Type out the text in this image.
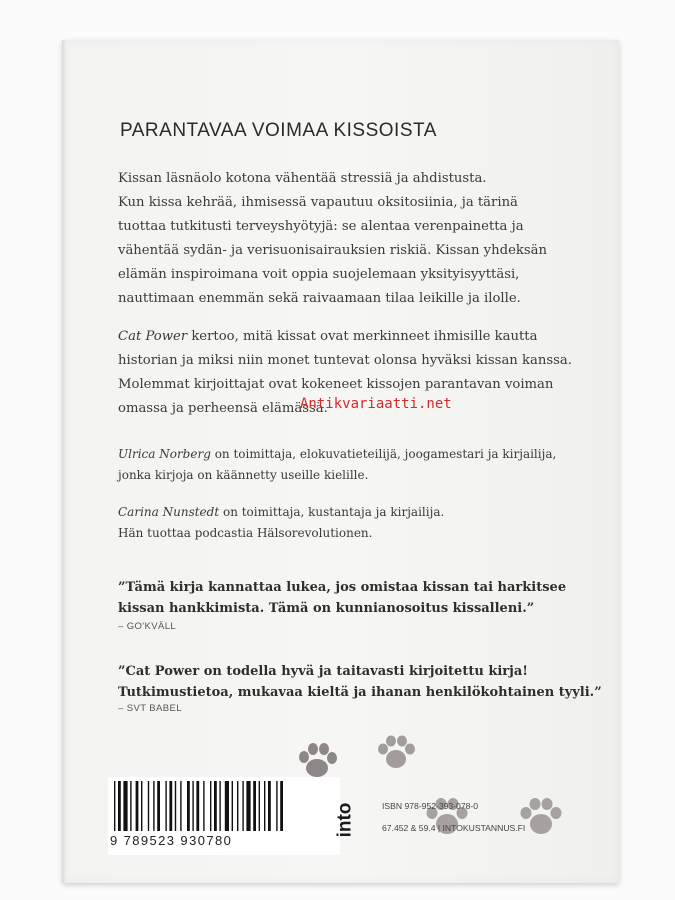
PARANTAVAA VOIMAA KISSOISTA
Kissan läsnäolo kotona vähentää stressiä ja ahdistusta.
Kun kissa kehrää, ihmisessä vapautuu oksitosiinia, ja tärinä
tuottaa tutkitusti terveyshyötyjä: se alentaa verenpainetta ja
vähentää sydän- ja verisuonisairauksien riskiä. Kissan yhdeksän
elämän inspiroimana voit oppia suojelemaan yksityisyyttäsi,
nauttimaan enemmän sekä raivaamaan tilaa leikille ja ilolle.
Cat Power kertoo, mitä kissat ovat merkinneet ihmisille kautta
historian ja miksi niin monet tuntevat olonsa hyväksi kissan kanssa.
Molemmat kirjoittajat ovat kokeneet kissojen parantavan voiman
omassa ja perheensä elämässä.
Antikvariaatti.net
Ulrica Norberg on toimittaja, elokuvatieteilijä, joogamestari ja kirjailija,
jonka kirjoja on käännetty useille kielille.
Carina Nunstedt on toimittaja, kustantaja ja kirjailija.
Hän tuottaa podcastia Hälsorevolutionen.
”Tämä kirja kannattaa lukea, jos omistaa kissan tai harkitsee
kissan hankkimista. Tämä on kunnianosoitus kissalleni.”
– GO'KVÄLL
”Cat Power on todella hyvä ja taitavasti kirjoitettu kirja!
Tutkimustietoa, mukavaa kieltä ja ihanan henkilökohtainen tyyli.”
– SVT BABEL
9 789523 930780
into	ISBN 978-952-393-078-0
67.452 & 59.4 | INTOKUSTANNUS.FI
